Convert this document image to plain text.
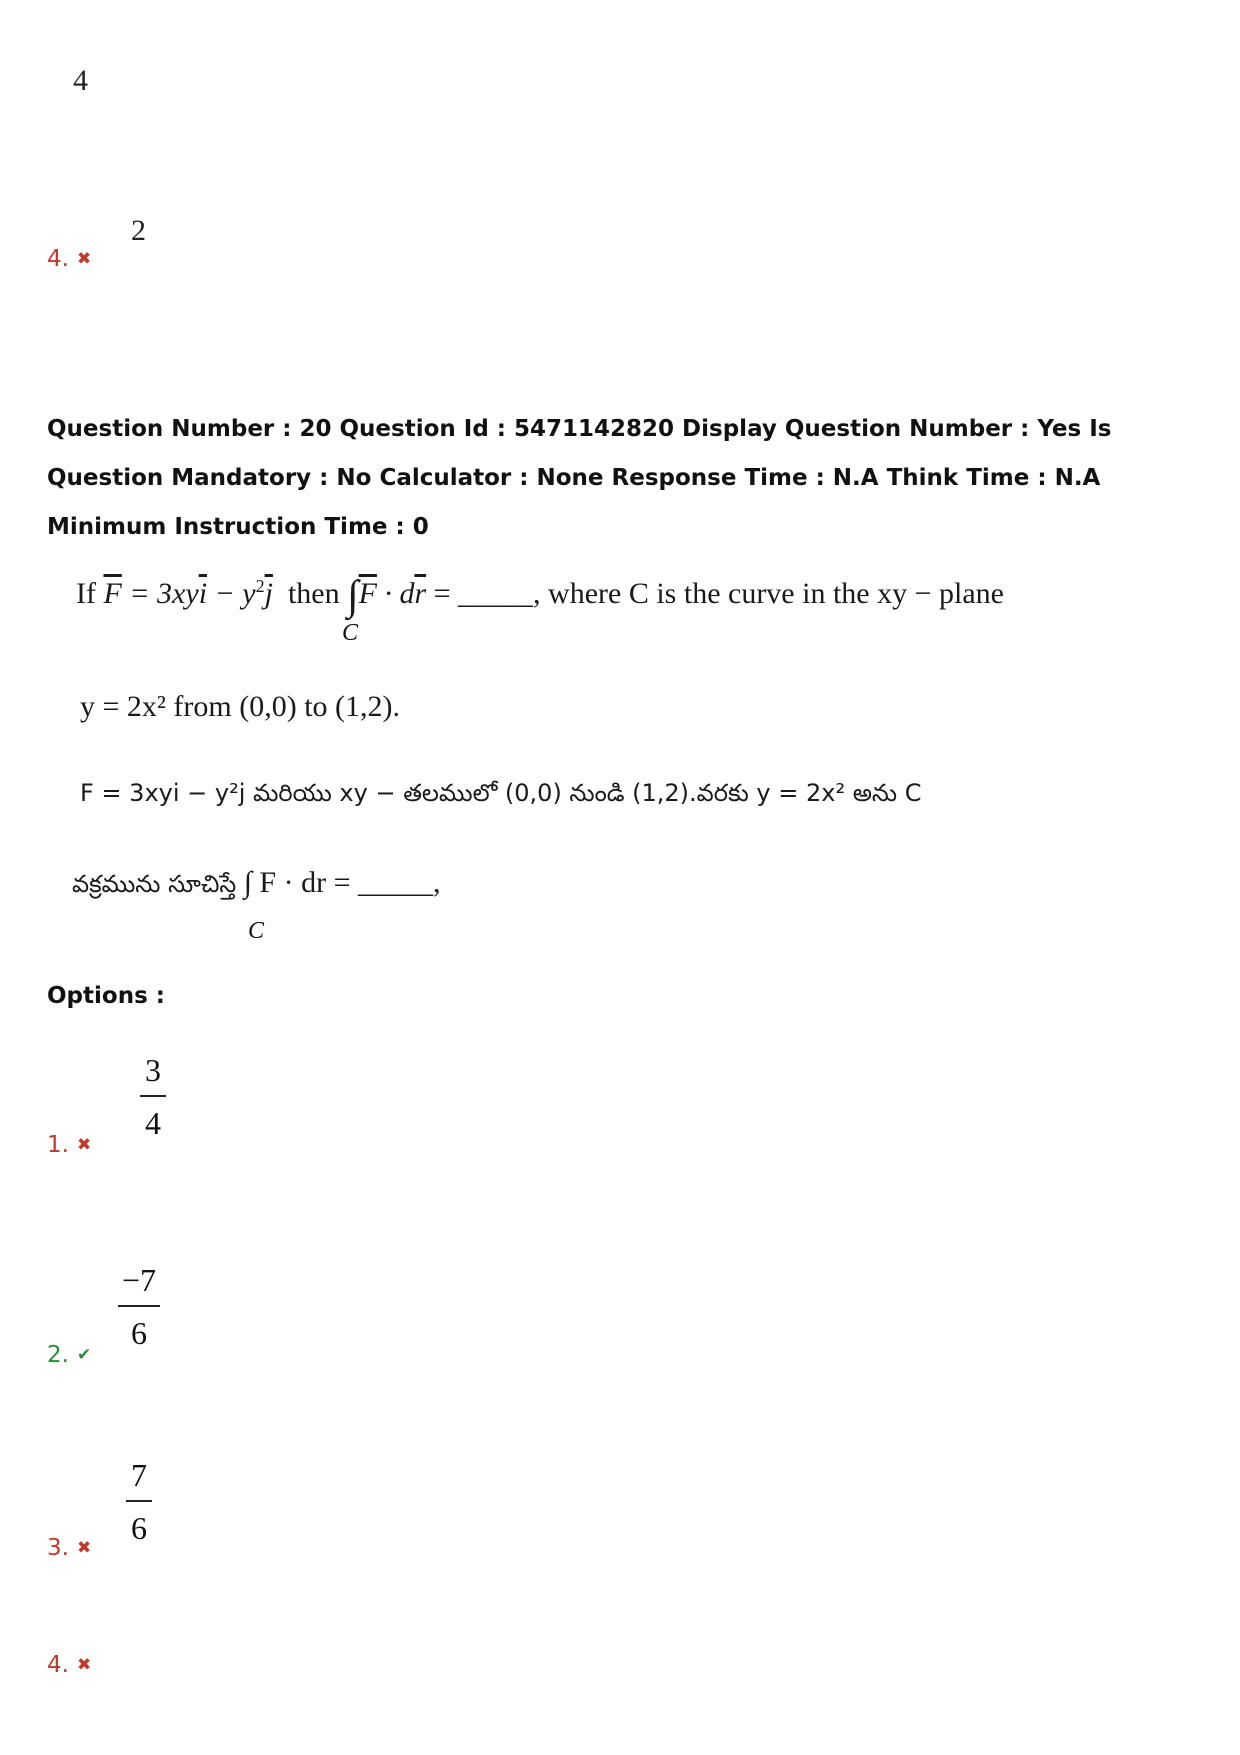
4
4. ✖
2
Question Number : 20 Question Id : 5471142820 Display Question Number : Yes Is Question Mandatory : No Calculator : None Response Time : N.A Think Time : N.A Minimum Instruction Time : 0
If $\overline{F} = 3xy\overline{i} - y^2\overline{j}$ then $\int\overline{F} \cdot d\overline{r}$ = _____, where C is the curve in the xy − plane
C
y = 2x² from (0,0) to (1,2).
F = 3xyi − y²j మరియు xy − తలములో (0,0) నుండి (1,2).వరకు y = 2x² అను C
వక్రమును సూచిస్తే ∫ F · dr = _____,
C
Options :
1. ✖
3
4
2. ✔
−7
6
3. ✖
7
6
4. ✖
